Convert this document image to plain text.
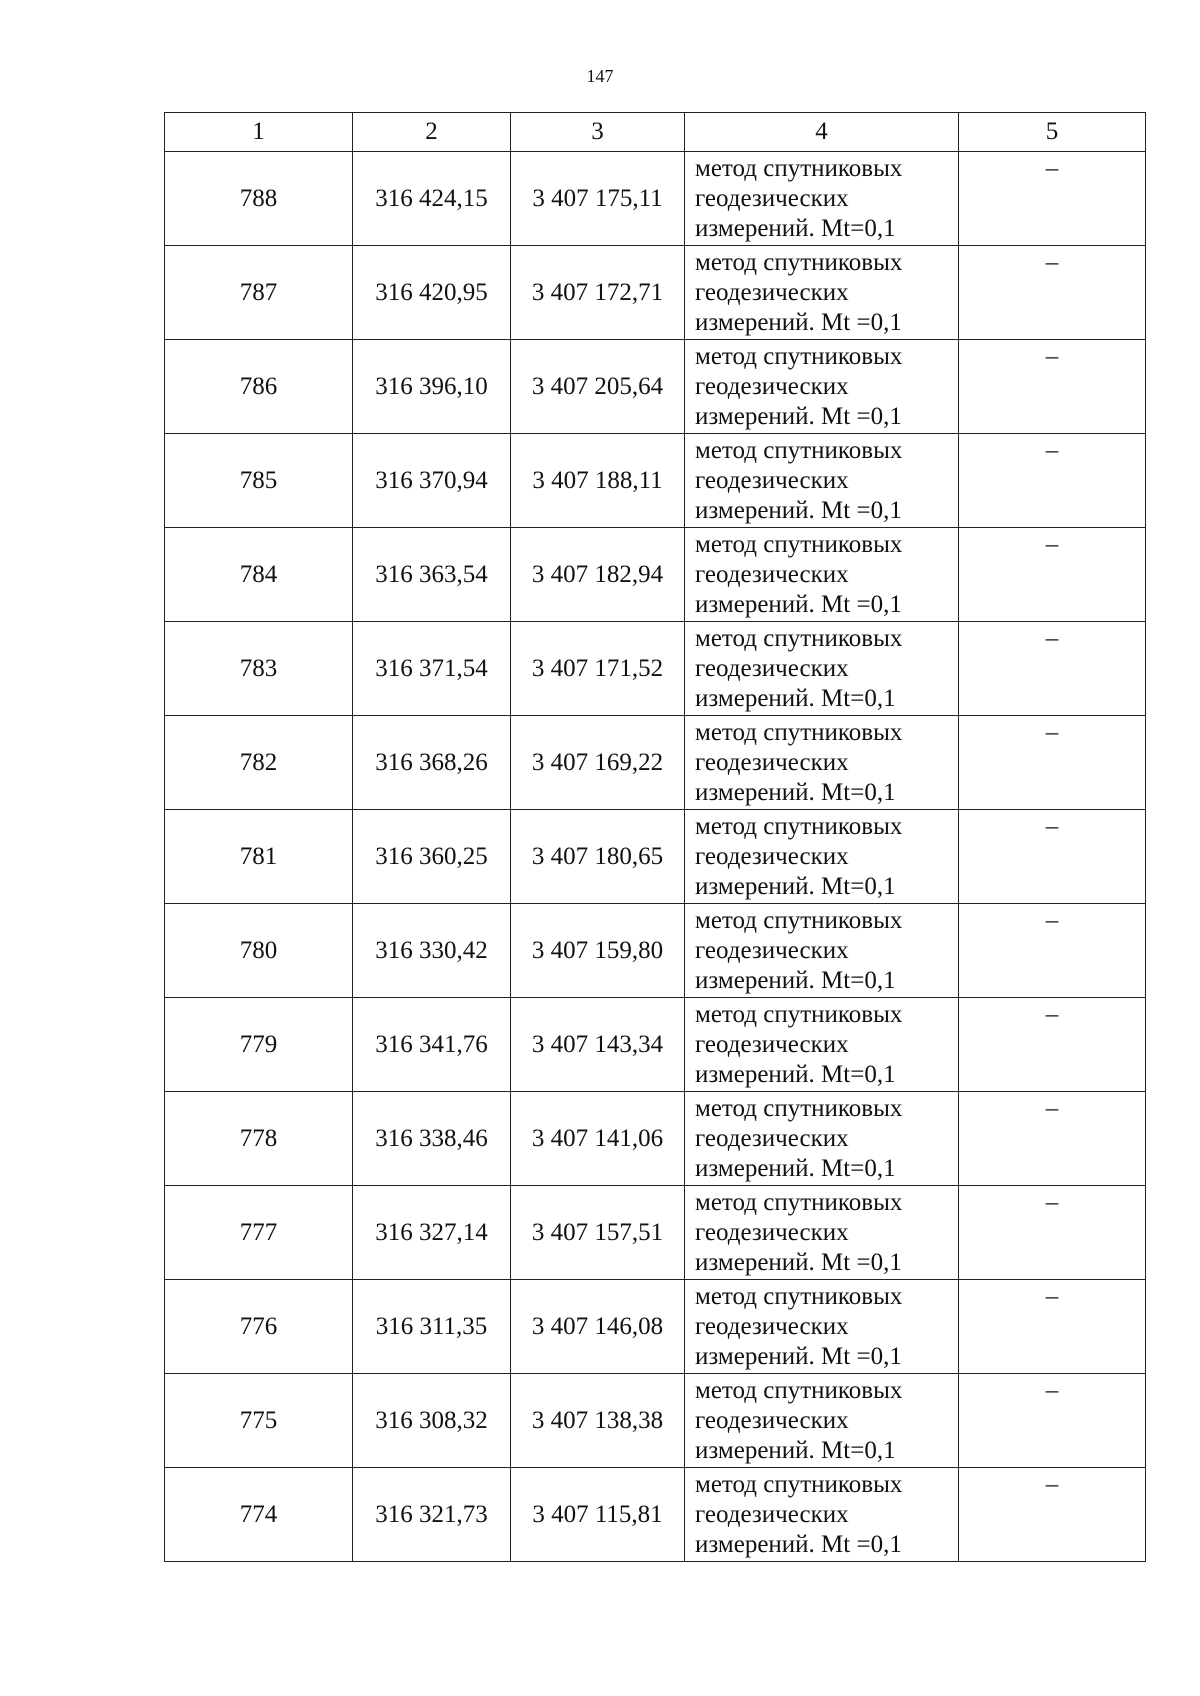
147
1	2	3	4	5
788	316 424,15	3 407 175,11	метод спутниковых
геодезических
измерений. Mt=0,1	–
787	316 420,95	3 407 172,71	метод спутниковых
геодезических
измерений. Mt =0,1	–
786	316 396,10	3 407 205,64	метод спутниковых
геодезических
измерений. Mt =0,1	–
785	316 370,94	3 407 188,11	метод спутниковых
геодезических
измерений. Mt =0,1	–
784	316 363,54	3 407 182,94	метод спутниковых
геодезических
измерений. Mt =0,1	–
783	316 371,54	3 407 171,52	метод спутниковых
геодезических
измерений. Mt=0,1	–
782	316 368,26	3 407 169,22	метод спутниковых
геодезических
измерений. Mt=0,1	–
781	316 360,25	3 407 180,65	метод спутниковых
геодезических
измерений. Mt=0,1	–
780	316 330,42	3 407 159,80	метод спутниковых
геодезических
измерений. Mt=0,1	–
779	316 341,76	3 407 143,34	метод спутниковых
геодезических
измерений. Mt=0,1	–
778	316 338,46	3 407 141,06	метод спутниковых
геодезических
измерений. Mt=0,1	–
777	316 327,14	3 407 157,51	метод спутниковых
геодезических
измерений. Mt =0,1	–
776	316 311,35	3 407 146,08	метод спутниковых
геодезических
измерений. Mt =0,1	–
775	316 308,32	3 407 138,38	метод спутниковых
геодезических
измерений. Mt=0,1	–
774	316 321,73	3 407 115,81	метод спутниковых
геодезических
измерений. Mt =0,1	–
